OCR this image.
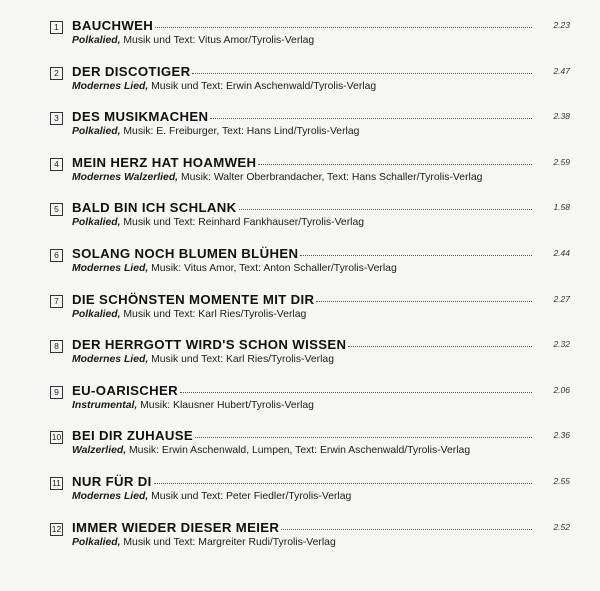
1 BAUCHWEH	2.23
Polkalied, Musik und Text: Vitus Amor/Tyrolis-Verlag
2 DER DISCOTIGER	2.47
Modernes Lied, Musik und Text: Erwin Aschenwald/Tyrolis-Verlag
3 DES MUSIKMACHEN	2.38
Polkalied, Musik: E. Freiburger, Text: Hans Lind/Tyrolis-Verlag
4 MEIN HERZ HAT HOAMWEH	2.59
Modernes Walzerlied, Musik: Walter Oberbrandacher, Text: Hans Schaller/Tyrolis-Verlag
5 BALD BIN ICH SCHLANK	1.58
Polkalied, Musik und Text: Reinhard Fankhauser/Tyrolis-Verlag
6 SOLANG NOCH BLUMEN BLÜHEN	2.44
Modernes Lied, Musik: Vitus Amor, Text: Anton Schaller/Tyrolis-Verlag
7 DIE SCHÖNSTEN MOMENTE MIT DIR	2.27
Polkalied, Musik und Text: Karl Ries/Tyrolis-Verlag
8 DER HERRGOTT WIRD'S SCHON WISSEN	2.32
Modernes Lied, Musik und Text: Karl Ries/Tyrolis-Verlag
9 EU-OARISCHER	2.06
Instrumental, Musik: Klausner Hubert/Tyrolis-Verlag
10 BEI DIR ZUHAUSE	2.36
Walzerlied, Musik: Erwin Aschenwald, Lumpen, Text: Erwin Aschenwald/Tyrolis-Verlag
11 NUR FÜR DI	2.55
Modernes Lied, Musik und Text: Peter Fiedler/Tyrolis-Verlag
12 IMMER WIEDER DIESER MEIER	2.52
Polkalied, Musik und Text: Margreiter Rudi/Tyrolis-Verlag
